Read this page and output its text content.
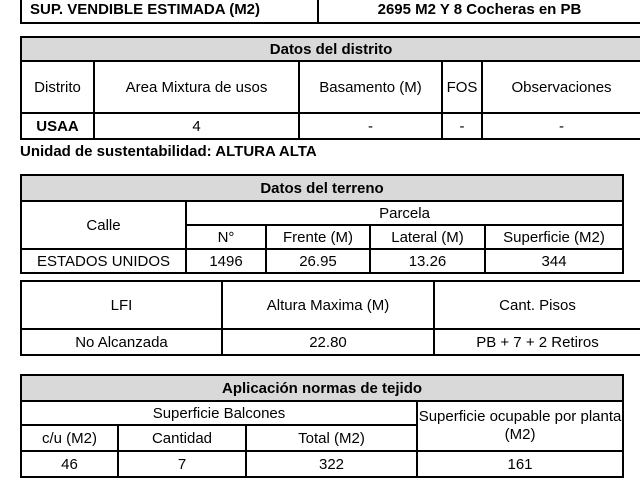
SUP. VENDIBLE ESTIMADA (M2)	2695 M2 Y 8 Cocheras en PB
Datos del distrito				
Distrito	Area Mixtura de usos	Basamento (M)	FOS	Observaciones
USAA	4	-	-	-
Unidad de sustentabilidad: ALTURA ALTA
Datos del terreno				
Calle	Parcela			
	N°	Frente (M)	Lateral (M)	Superficie (M2)
ESTADOS UNIDOS	1496	26.95	13.26	344
LFI	Altura Maxima (M)	Cant. Pisos
No Alcanzada	22.80	PB + 7 + 2 Retiros
Aplicación normas de tejido			
Superficie Balcones			Superficie ocupable por planta (M2)
c/u (M2)	Cantidad	Total (M2)	
46	7	322	161
